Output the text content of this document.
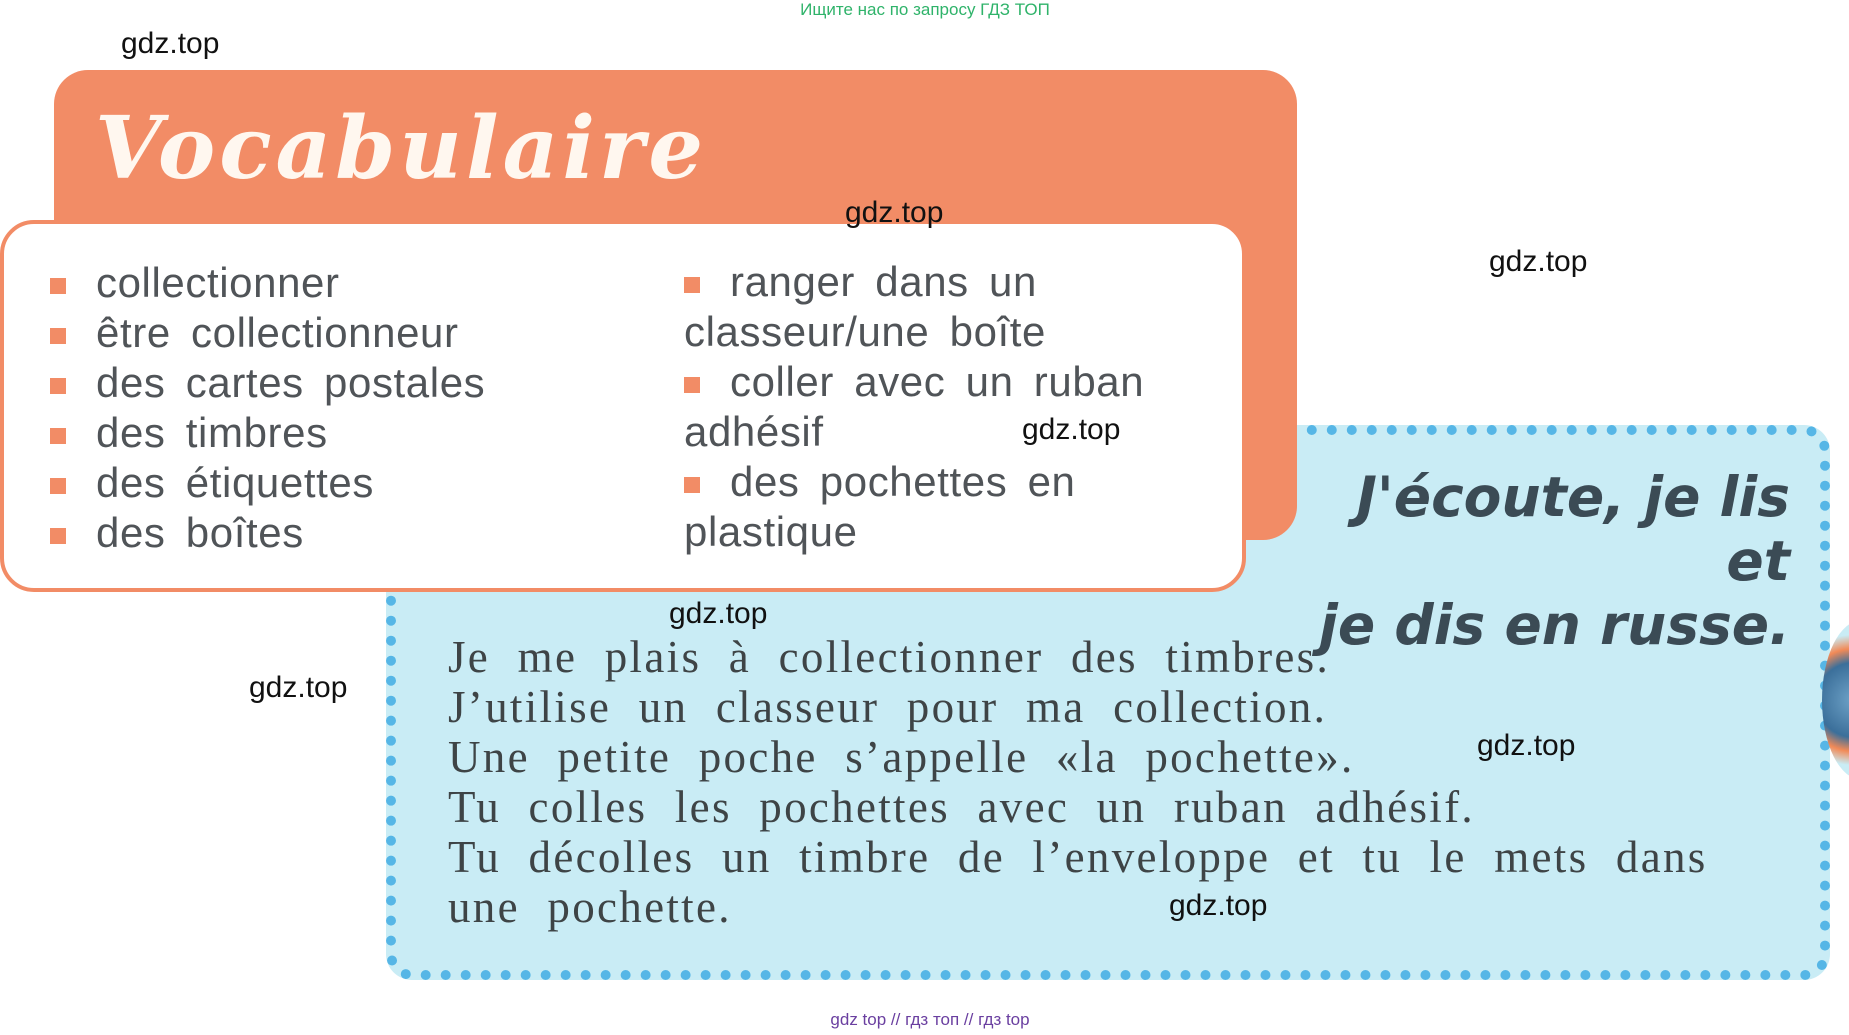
Ищите нас по запросу ГДЗ ТОП
J'écoute, je lis et
je dis en russe.
Je me plais à collectionner des timbres.
J’utilise un classeur pour ma collection.
Une petite poche s’appelle «la pochette».
Tu colles les pochettes avec un ruban adhésif.
Tu décolles un timbre de l’enveloppe et tu le mets dans
une pochette.
Vocabulaire
collectionner
être collectionneur
des cartes postales
des timbres
des étiquettes
des boîtes
ranger dans un
classeur/une boîte
coller avec un ruban
adhésif
des pochettes en
plastique
gdz.top
gdz.top
gdz.top
gdz.top
gdz.top
gdz.top
gdz.top
gdz.top
gdz top // гдз топ // гдз top
